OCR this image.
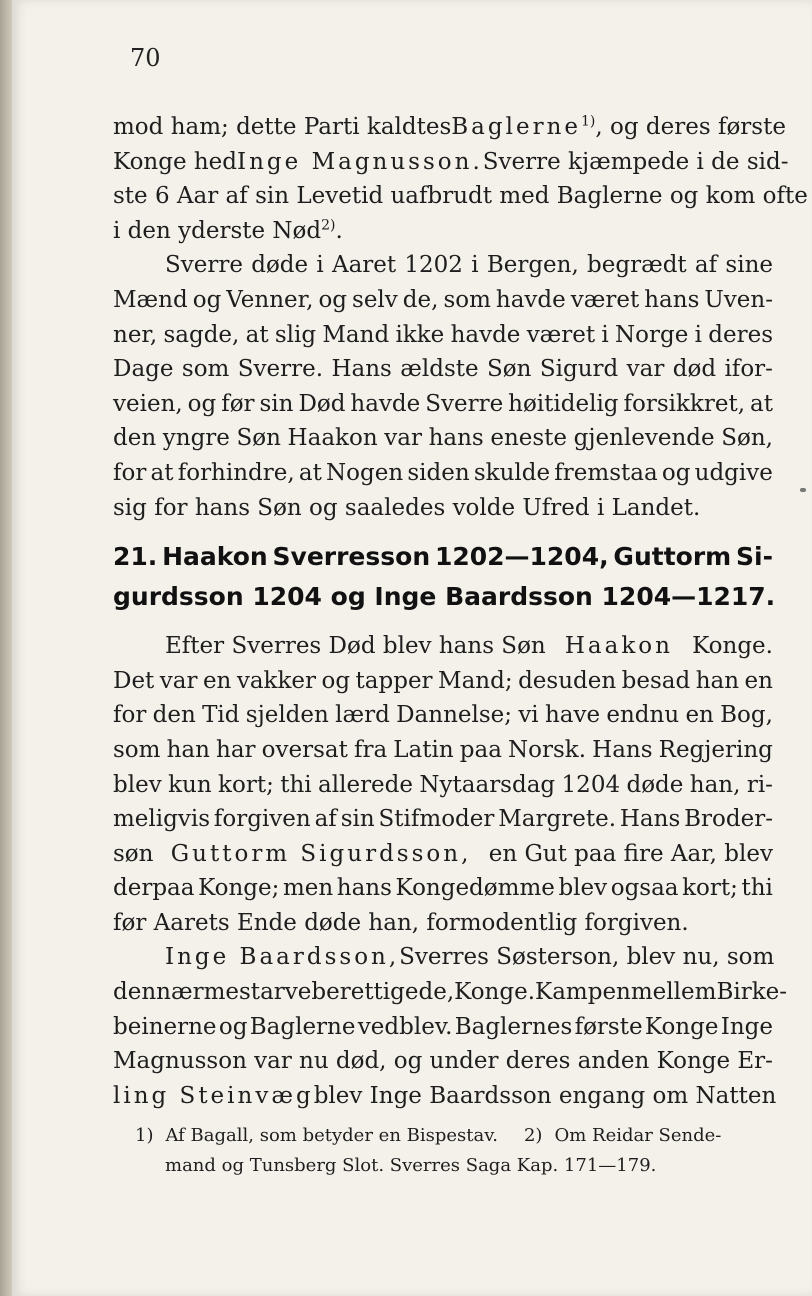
70
mod ham; dette Parti kaldtes Baglerne$^{1)}$, og deres første
Konge hed Inge Magnusson. Sverre kjæmpede i de sid-
ste 6 Aar af sin Levetid uafbrudt med Baglerne og kom ofte
i den yderste Nød$^{2)}$.
Sverre døde i Aaret 1202 i Bergen, begrædt af sine
Mænd og Venner, og selv de, som havde været hans Uven-
ner, sagde, at slig Mand ikke havde været i Norge i deres
Dage som Sverre. Hans ældste Søn Sigurd var død ifor-
veien, og før sin Død havde Sverre høitidelig forsikkret, at
den yngre Søn Haakon var hans eneste gjenlevende Søn,
for at forhindre, at Nogen siden skulde fremstaa og udgive
sig for hans Søn og saaledes volde Ufred i Landet.
21. Haakon Sverresson 1202—1204, Guttorm Si-
gurdsson 1204 og Inge Baardsson 1204—1217.
Efter Sverres Død blev hans Søn Haakon Konge.
Det var en vakker og tapper Mand; desuden besad han en
for den Tid sjelden lærd Dannelse; vi have endnu en Bog,
som han har oversat fra Latin paa Norsk. Hans Regjering
blev kun kort; thi allerede Nytaarsdag 1204 døde han, ri-
meligvis forgiven af sin Stifmoder Margrete. Hans Broder-
søn Guttorm Sigurdsson, en Gut paa fire Aar, blev
derpaa Konge; men hans Kongedømme blev ogsaa kort; thi
før Aarets Ende døde han, formodentlig forgiven.
Inge Baardsson, Sverres Søsterson, blev nu, som
den nærmest arveberettigede, Konge. Kampen mellem Birke-
beinerne og Baglerne vedblev. Baglernes første Konge Inge
Magnusson var nu død, og under deres anden Konge Er-
ling Steinvæg blev Inge Baardsson engang om Natten
1) Af Bagall, som betyder en Bispestav. 2) Om Reidar Sende-
mand og Tunsberg Slot. Sverres Saga Kap. 171—179.
